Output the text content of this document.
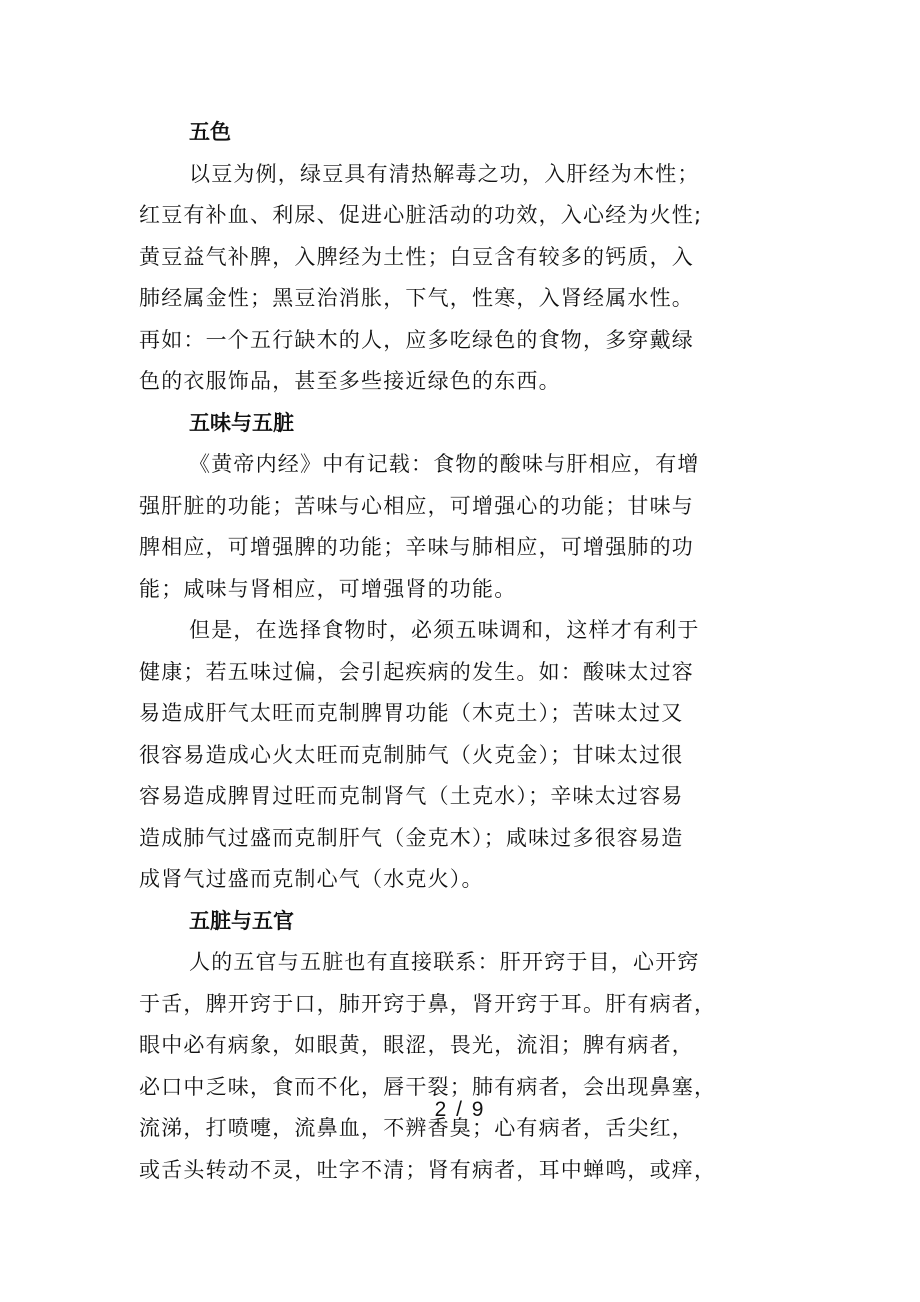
五色
以豆为例，绿豆具有清热解毒之功，入肝经为木性；
红豆有补血、利尿、促进心脏活动的功效，入心经为火性;
黄豆益气补脾，入脾经为土性；白豆含有较多的钙质，入
肺经属金性；黑豆治消胀，下气，性寒，入肾经属水性。
再如：一个五行缺木的人，应多吃绿色的食物，多穿戴绿
色的衣服饰品，甚至多些接近绿色的东西。
五味与五脏
《黄帝内经》中有记载：食物的酸味与肝相应，有增
强肝脏的功能；苦味与心相应，可增强心的功能；甘味与
脾相应，可增强脾的功能；辛味与肺相应，可增强肺的功
能；咸味与肾相应，可增强肾的功能。
但是，在选择食物时，必须五味调和，这样才有利于
健康；若五味过偏，会引起疾病的发生。如：酸味太过容
易造成肝气太旺而克制脾胃功能（木克土）；苦味太过又
很容易造成心火太旺而克制肺气（火克金）；甘味太过很
容易造成脾胃过旺而克制肾气（土克水）；辛味太过容易
造成肺气过盛而克制肝气（金克木）；咸味过多很容易造
成肾气过盛而克制心气（水克火）。
五脏与五官
人的五官与五脏也有直接联系：肝开窍于目，心开窍
于舌，脾开窍于口，肺开窍于鼻，肾开窍于耳。肝有病者，
眼中必有病象，如眼黄，眼涩，畏光，流泪；脾有病者，
必口中乏味，食而不化，唇干裂；肺有病者，会出现鼻塞，
流涕，打喷嚏，流鼻血，不辨香臭；心有病者，舌尖红，
或舌头转动不灵，吐字不清；肾有病者，耳中蝉鸣，或痒，
2 / 9
